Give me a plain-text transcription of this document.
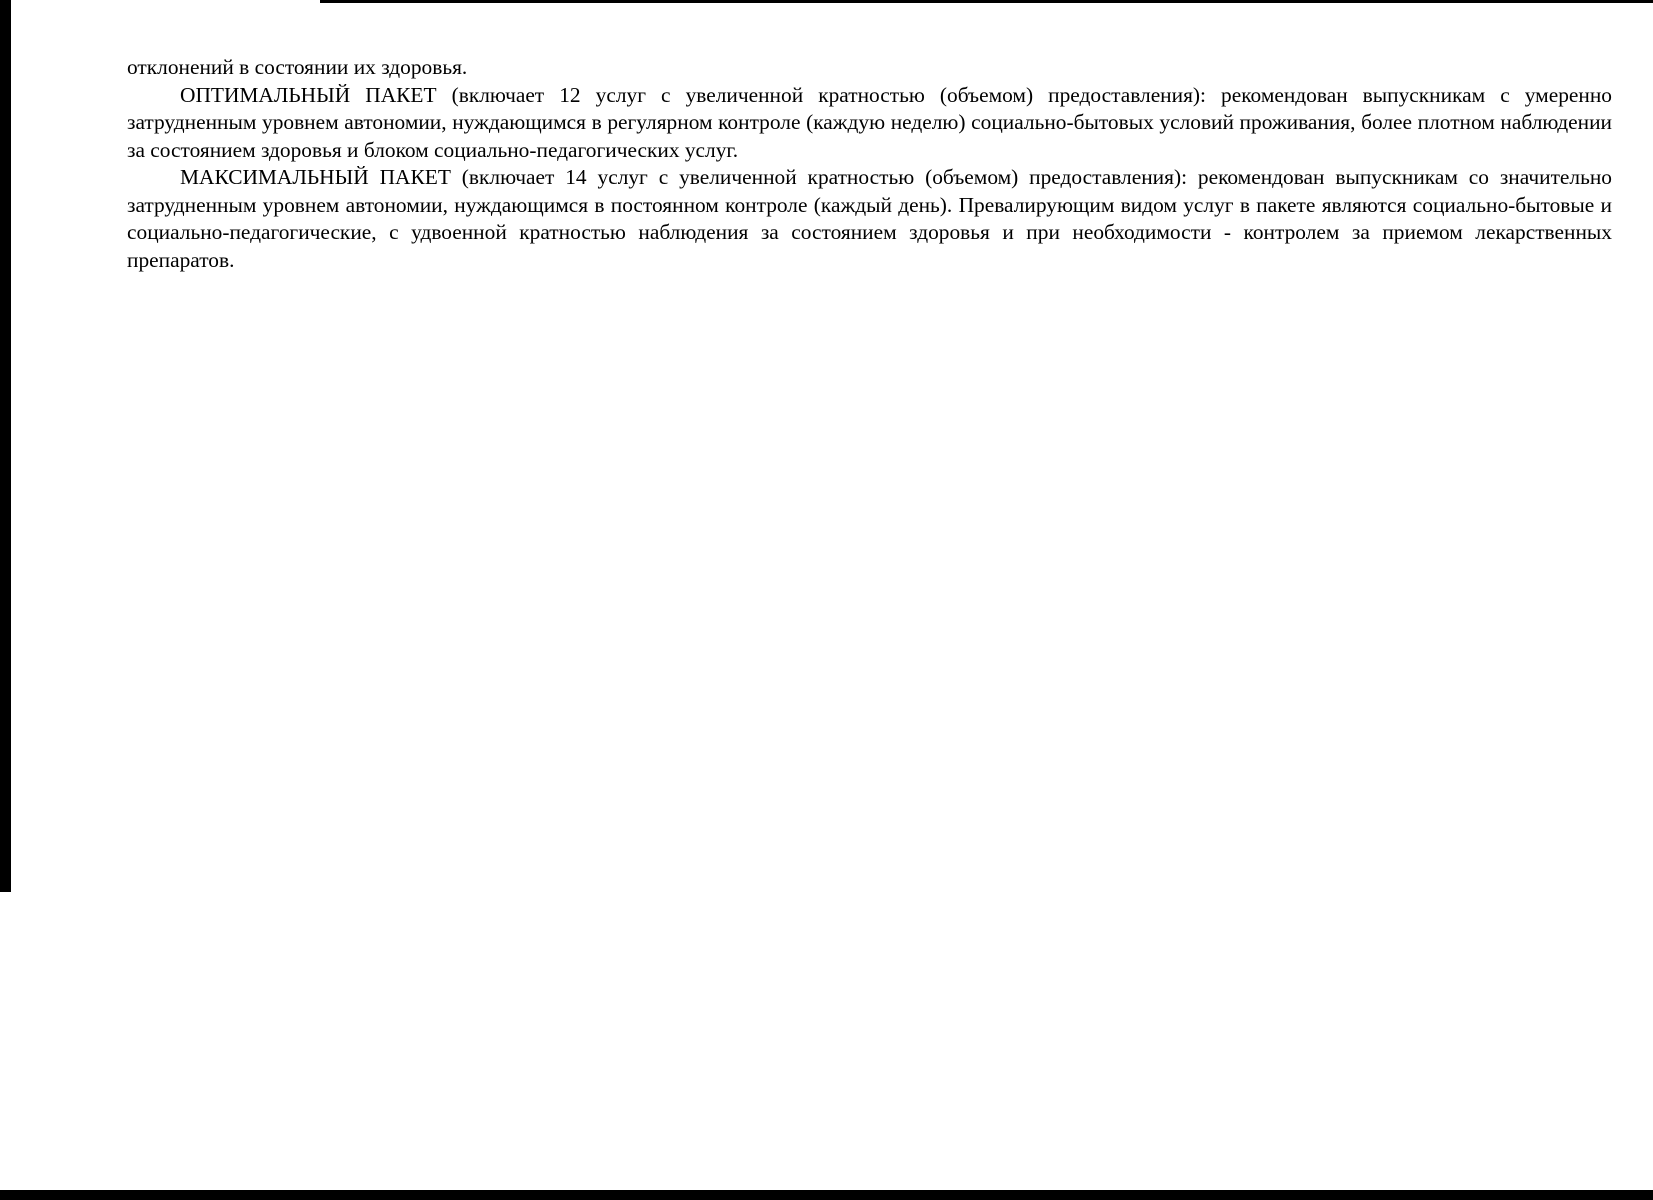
отклонений в состоянии их здоровья.

ОПТИМАЛЬНЫЙ ПАКЕТ (включает 12 услуг с увеличенной кратностью (объемом) предоставления): рекомендован выпускникам с умеренно затрудненным уровнем автономии, нуждающимся в регулярном контроле (каждую неделю) социально-бытовых условий проживания, более плотном наблюдении за состоянием здоровья и блоком социально-педагогических услуг.

МАКСИМАЛЬНЫЙ ПАКЕТ (включает 14 услуг с увеличенной кратностью (объемом) предоставления): рекомендован выпускникам со значительно затрудненным уровнем автономии, нуждающимся в постоянном контроле (каждый день). Превалирующим видом услуг в пакете являются социально-бытовые и социально-педагогические, с удвоенной кратностью наблюдения за состоянием здоровья и при необходимости - контролем за приемом лекарственных препаратов.
